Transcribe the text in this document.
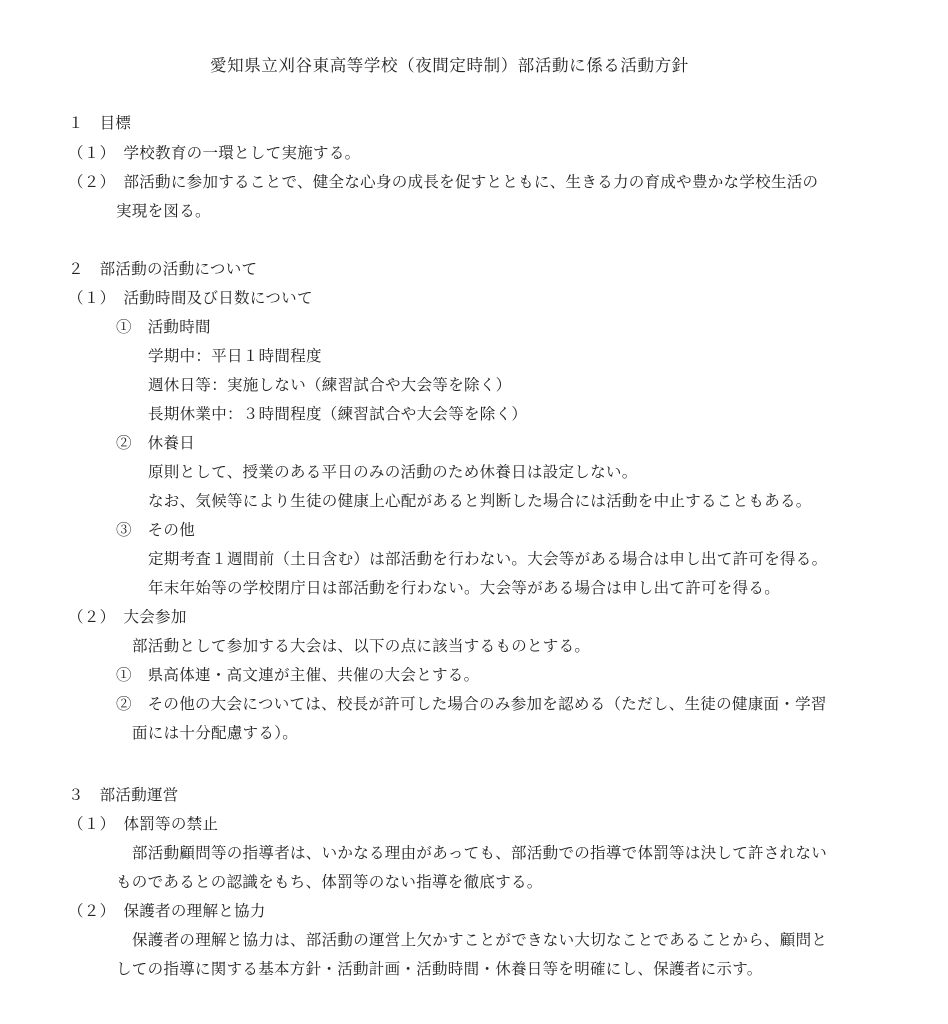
愛知県立刈谷東高等学校（夜間定時制）部活動に係る活動方針
１　目標
（１）　学校教育の一環として実施する。
（２）　部活動に参加することで、健全な心身の成長を促すとともに、生きる力の育成や豊かな学校生活の
実現を図る。
２　部活動の活動について
（１）　活動時間及び日数について
①　活動時間
学期中：平日１時間程度
週休日等：実施しない（練習試合や大会等を除く）
長期休業中：３時間程度（練習試合や大会等を除く）
②　休養日
原則として、授業のある平日のみの活動のため休養日は設定しない。
なお、気候等により生徒の健康上心配があると判断した場合には活動を中止することもある。
③　その他
定期考査１週間前（土日含む）は部活動を行わない。大会等がある場合は申し出て許可を得る。
年末年始等の学校閉庁日は部活動を行わない。大会等がある場合は申し出て許可を得る。
（２）　大会参加
部活動として参加する大会は、以下の点に該当するものとする。
①　県高体連・高文連が主催、共催の大会とする。
②　その他の大会については、校長が許可した場合のみ参加を認める（ただし、生徒の健康面・学習
面には十分配慮する）。
３　部活動運営
（１）　体罰等の禁止
部活動顧問等の指導者は、いかなる理由があっても、部活動での指導で体罰等は決して許されない
ものであるとの認識をもち、体罰等のない指導を徹底する。
（２）　保護者の理解と協力
保護者の理解と協力は、部活動の運営上欠かすことができない大切なことであることから、顧問と
しての指導に関する基本方針・活動計画・活動時間・休養日等を明確にし、保護者に示す。
